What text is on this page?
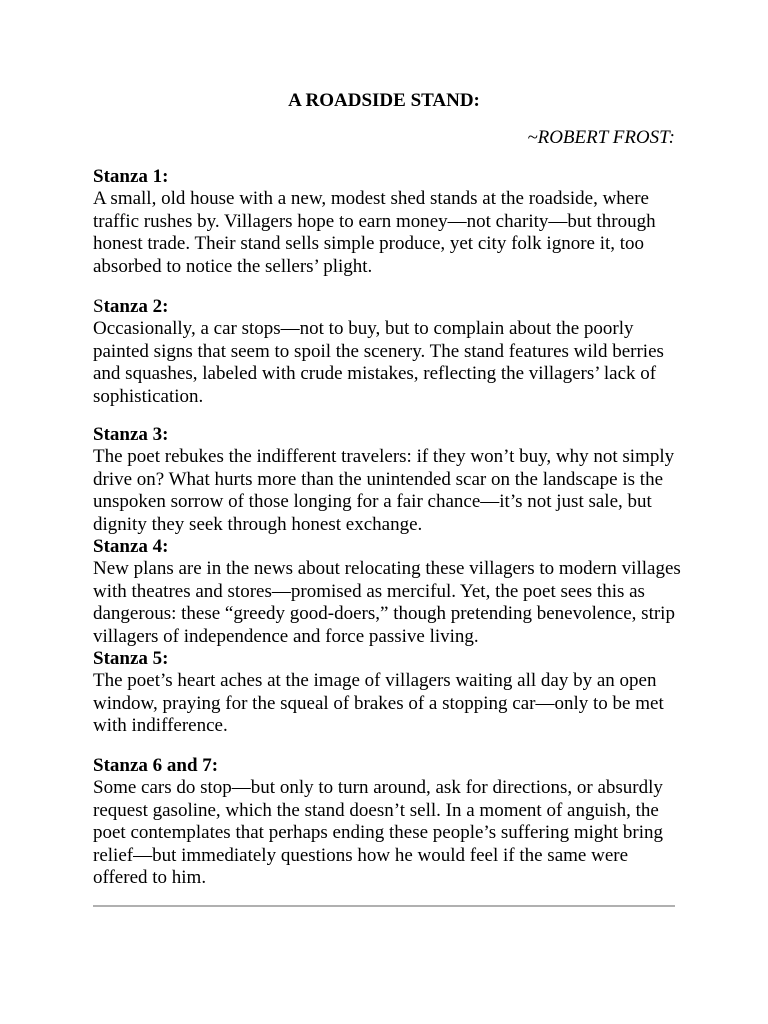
A ROADSIDE STAND:

~ROBERT FROST:

Stanza 1:
A small, old house with a new, modest shed stands at the roadside, where traffic rushes by. Villagers hope to earn money—not charity—but through honest trade. Their stand sells simple produce, yet city folk ignore it, too absorbed to notice the sellers’ plight.
Stanza 2:
Occasionally, a car stops—not to buy, but to complain about the poorly painted signs that seem to spoil the scenery. The stand features wild berries and squashes, labeled with crude mistakes, reflecting the villagers’ lack of sophistication.
Stanza 3:
The poet rebukes the indifferent travelers: if they won’t buy, why not simply drive on? What hurts more than the unintended scar on the landscape is the unspoken sorrow of those longing for a fair chance—it’s not just sale, but dignity they seek through honest exchange.
Stanza 4:
New plans are in the news about relocating these villagers to modern villages with theatres and stores—promised as merciful. Yet, the poet sees this as dangerous: these “greedy good-doers,” though pretending benevolence, strip villagers of independence and force passive living.
Stanza 5:
The poet’s heart aches at the image of villagers waiting all day by an open window, praying for the squeal of brakes of a stopping car—only to be met with indifference.
Stanza 6 and 7:
Some cars do stop—but only to turn around, ask for directions, or absurdly request gasoline, which the stand doesn’t sell. In a moment of anguish, the poet contemplates that perhaps ending these people’s suffering might bring relief—but immediately questions how he would feel if the same were offered to him.
